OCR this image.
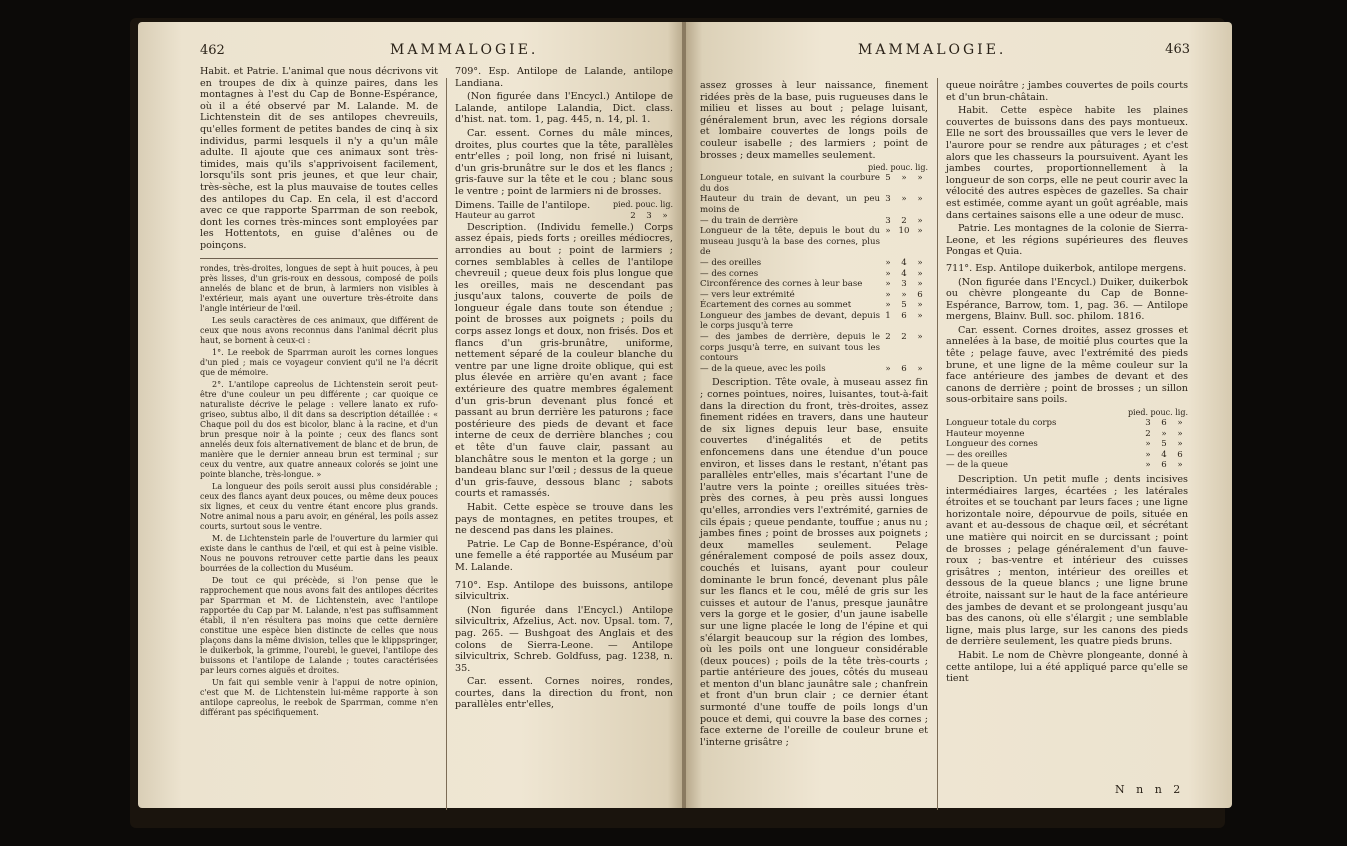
462	MAMMALOGIE.

Habit. et Patrie. L'animal que nous décrivons vit en troupes de dix à quinze paires, dans les montagnes à l'est du Cap de Bonne-Espérance, où il a été observé par M. Lalande. M. de Lichtenstein dit de ses antilopes chevreuils, qu'elles forment de petites bandes de cinq à six individus, parmi lesquels il n'y a qu'un mâle adulte. Il ajoute que ces animaux sont très-timides, mais qu'ils s'apprivoisent facilement, lorsqu'ils sont pris jeunes, et que leur chair, très-sèche, est la plus mauvaise de toutes celles des antilopes du Cap. En cela, il est d'accord avec ce que rapporte Sparrman de son reebok, dont les cornes très-minces sont employées par les Hottentots, en guise d'alênes ou de poinçons.

rondes, très-droites, longues de sept à huit pouces, à peu près lisses, d'un gris-roux en dessous, composé de poils annelés de blanc et de brun, à larmiers non visibles à l'extérieur, mais ayant une ouverture très-étroite dans l'angle intérieur de l'œil.

Les seuls caractères de ces animaux, que différent de ceux que nous avons reconnus dans l'animal décrit plus haut, se bornent à ceux-ci :

1°. Le reebok de Sparrman auroit les cornes longues d'un pied ; mais ce voyageur convient qu'il ne l'a décrit que de mémoire.

2°. L'antilope capreolus de Lichtenstein seroit peut-être d'une couleur un peu différente ; car quoique ce naturaliste décrive le pelage : vellere lanato ex rufo-griseo, subtus albo, il dit dans sa description détaillée : « Chaque poil du dos est bicolor, blanc à la racine, et d'un brun presque noir à la pointe ; ceux des flancs sont annelés deux fois alternativement de blanc et de brun, de manière que le dernier anneau brun est terminal ; sur ceux du ventre, aux quatre anneaux colorés se joint une pointe blanche, très-longue. »

La longueur des poils seroit aussi plus considérable ; ceux des flancs ayant deux pouces, ou même deux pouces six lignes, et ceux du ventre étant encore plus grands. Notre animal nous a paru avoir, en général, les poils assez courts, surtout sous le ventre.

M. de Lichtenstein parle de l'ouverture du larmier qui existe dans le canthus de l'œil, et qui est à peine visible. Nous ne pouvons retrouver cette partie dans les peaux bourrées de la collection du Muséum.

De tout ce qui précède, si l'on pense que le rapprochement que nous avons fait des antilopes décrites par Sparrman et M. de Lichtenstein, avec l'antilope rapportée du Cap par M. Lalande, n'est pas suffisamment établi, il n'en résultera pas moins que cette dernière constitue une espèce bien distincte de celles que nous plaçons dans la même division, telles que le klippspringer, le duikerbok, la grimme, l'ourebi, le guevei, l'antilope des buissons et l'antilope de Lalande ; toutes caractérisées par leurs cornes aiguës et droites.

Un fait qui semble venir à l'appui de notre opinion, c'est que M. de Lichtenstein lui-même rapporte à son antilope capreolus, le reebok de Sparrman, comme n'en différant pas spécifiquement.

709°. Esp. Antilope de Lalande, antilope Landiana.

(Non figurée dans l'Encycl.) Antilope de Lalande, antilope Lalandia, Dict. class. d'hist. nat. tom. 1, pag. 445, n. 14, pl. 1.

Car. essent. Cornes du mâle minces, droites, plus courtes que la tête, parallèles entr'elles ; poil long, non frisé ni luisant, d'un gris-brunâtre sur le dos et les flancs ; gris-fauve sur la tête et le cou ; blanc sous le ventre ; point de larmiers ni de brosses.

Dimens. Taille de l'antilope.	pied. pouc. lig.
Hauteur au garrot	2	3	»

Description. (Individu femelle.) Corps assez épais, pieds forts ; oreilles médiocres, arrondies au bout ; point de larmiers ; cornes semblables à celles de l'antilope chevreuil ; queue deux fois plus longue que les oreilles, mais ne descendant pas jusqu'aux talons, couverte de poils de longueur égale dans toute son étendue ; point de brosses aux poignets ; poils du corps assez longs et doux, non frisés. Dos et flancs d'un gris-brunâtre, uniforme, nettement séparé de la couleur blanche du ventre par une ligne droite oblique, qui est plus élevée en arrière qu'en avant ; face extérieure des quatre membres également d'un gris-brun devenant plus foncé et passant au brun derrière les paturons ; face postérieure des pieds de devant et face interne de ceux de derrière blanches ; cou et tête d'un fauve clair, passant au blanchâtre sous le menton et la gorge ; un bandeau blanc sur l'œil ; dessus de la queue d'un gris-fauve, dessous blanc ; sabots courts et ramassés.

Habit. Cette espèce se trouve dans les pays de montagnes, en petites troupes, et ne descend pas dans les plaines.

Patrie. Le Cap de Bonne-Espérance, d'où une femelle a été rapportée au Muséum par M. Lalande.

710°. Esp. Antilope des buissons, antilope silvicultrix.

(Non figurée dans l'Encycl.) Antilope silvicultrix, Afzelius, Act. nov. Upsal. tom. 7, pag. 265. — Bushgoat des Anglais et des colons de Sierra-Leone. — Antilope silvicultrix, Schreb. Goldfuss, pag. 1238, n. 35.

Car. essent. Cornes noires, rondes, courtes, dans la direction du front, non parallèles entr'elles,

MAMMALOGIE.	463

assez grosses à leur naissance, finement ridées près de la base, puis rugueuses dans le milieu et lisses au bout ; pelage luisant, généralement brun, avec les régions dorsale et lombaire couvertes de longs poils de couleur isabelle ; des larmiers ; point de brosses ; deux mamelles seulement.

pied. pouc. lig.
Longueur totale, en suivant la courbure du dos	5	»	»
Hauteur du train de devant, un peu moins de	3	»	»
— du train de derrière	3	2	»
Longueur de la tête, depuis le bout du museau jusqu'à la base des cornes, plus de	»	10	»
— des oreilles	»	4	»
— des cornes	»	4	»
Circonférence des cornes à leur base	»	3	»
— vers leur extrémité	»	»	6
Écartement des cornes au sommet	»	5	»
Longueur des jambes de devant, depuis le corps jusqu'à terre	1	6	»
— des jambes de derrière, depuis le corps jusqu'à terre, en suivant tous les contours	2	2	»
— de la queue, avec les poils	»	6	»

Description. Tête ovale, à museau assez fin ; cornes pointues, noires, luisantes, tout-à-fait dans la direction du front, très-droites, assez finement ridées en travers, dans une hauteur de six lignes depuis leur base, ensuite couvertes d'inégalités et de petits enfoncemens dans une étendue d'un pouce environ, et lisses dans le restant, n'étant pas parallèles entr'elles, mais s'écartant l'une de l'autre vers la pointe ; oreilles situées très-près des cornes, à peu près aussi longues qu'elles, arrondies vers l'extrémité, garnies de cils épais ; queue pendante, touffue ; anus nu ; jambes fines ; point de brosses aux poignets ; deux mamelles seulement. Pelage généralement composé de poils assez doux, couchés et luisans, ayant pour couleur dominante le brun foncé, devenant plus pâle sur les flancs et le cou, mêlé de gris sur les cuisses et autour de l'anus, presque jaunâtre vers la gorge et le gosier, d'un jaune isabelle sur une ligne placée le long de l'épine et qui s'élargit beaucoup sur la région des lombes, où les poils ont une longueur considérable (deux pouces) ; poils de la tête très-courts ; partie antérieure des joues, côtés du museau et menton d'un blanc jaunâtre sale ; chanfrein et front d'un brun clair ; ce dernier étant surmonté d'une touffe de poils longs d'un pouce et demi, qui couvre la base des cornes ; face externe de l'oreille de couleur brune et l'interne grisâtre ;

queue noirâtre ; jambes couvertes de poils courts et d'un brun-châtain.

Habit. Cette espèce habite les plaines couvertes de buissons dans des pays montueux. Elle ne sort des broussailles que vers le lever de l'aurore pour se rendre aux pâturages ; et c'est alors que les chasseurs la poursuivent. Ayant les jambes courtes, proportionnellement à la longueur de son corps, elle ne peut courir avec la vélocité des autres espèces de gazelles. Sa chair est estimée, comme ayant un goût agréable, mais dans certaines saisons elle a une odeur de musc.

Patrie. Les montagnes de la colonie de Sierra-Leone, et les régions supérieures des fleuves Pongas et Quia.

711°. Esp. Antilope duikerbok, antilope mergens.

(Non figurée dans l'Encycl.) Duiker, duikerbok ou chèvre plongeante du Cap de Bonne-Espérance, Barrow, tom. 1, pag. 36. — Antilope mergens, Blainv. Bull. soc. philom. 1816.

Car. essent. Cornes droites, assez grosses et annelées à la base, de moitié plus courtes que la tête ; pelage fauve, avec l'extrémité des pieds brune, et une ligne de la même couleur sur la face antérieure des jambes de devant et des canons de derrière ; point de brosses ; un sillon sous-orbitaire sans poils.

pied. pouc. lig.
Longueur totale du corps	3	6	»
Hauteur moyenne	2	»	»
Longueur des cornes	»	5	»
— des oreilles	»	4	6
— de la queue	»	6	»

Description. Un petit mufle ; dents incisives intermédiaires larges, écartées ; les latérales étroites et se touchant par leurs faces ; une ligne horizontale noire, dépourvue de poils, située en avant et au-dessous de chaque œil, et sécrétant une matière qui noircit en se durcissant ; point de brosses ; pelage généralement d'un fauve-roux ; bas-ventre et intérieur des cuisses grisâtres ; menton, intérieur des oreilles et dessous de la queue blancs ; une ligne brune étroite, naissant sur le haut de la face antérieure des jambes de devant et se prolongeant jusqu'au bas des canons, où elle s'élargit ; une semblable ligne, mais plus large, sur les canons des pieds de derrière seulement, les quatre pieds bruns.

Habit. Le nom de Chèvre plongeante, donné à cette antilope, lui a été appliqué parce qu'elle se tient

N n n 2
